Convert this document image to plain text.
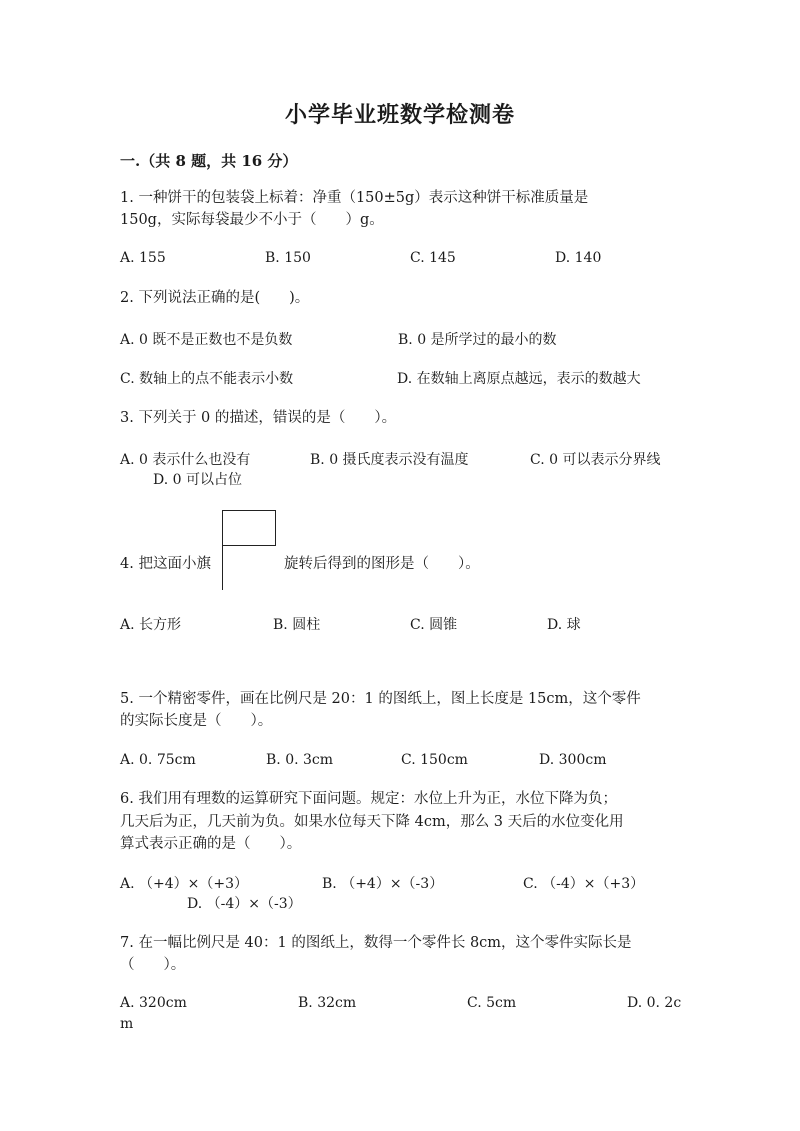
小学毕业班数学检测卷
一.（共 8 题，共 16 分）
1. 一种饼干的包装袋上标着：净重（150±5g）表示这种饼干标准质量是
150g，实际每袋最少不小于（　　）g。
A. 155	B. 150	C. 145	D. 140
2. 下列说法正确的是(　　)。
A. 0 既不是正数也不是负数	B. 0 是所学过的最小的数
C. 数轴上的点不能表示小数	D. 在数轴上离原点越远，表示的数越大
3. 下列关于 0 的描述，错误的是（　　）。
A. 0 表示什么也没有	B. 0 摄氏度表示没有温度	C. 0 可以表示分界线
D. 0 可以占位
4. 把这面小旗	旋转后得到的图形是（　　）。
A. 长方形	B. 圆柱	C. 圆锥	D. 球
5. 一个精密零件，画在比例尺是 20：1 的图纸上，图上长度是 15cm，这个零件
的实际长度是（　　）。
A. 0. 75cm	B. 0. 3cm	C. 150cm	D. 300cm
6. 我们用有理数的运算研究下面问题。规定：水位上升为正，水位下降为负；
几天后为正，几天前为负。如果水位每天下降 4cm，那么 3 天后的水位变化用
算式表示正确的是（　　）。
A. （+4）×（+3）	B. （+4）×（-3）	C. （-4）×（+3）
D. （-4）×（-3）
7. 在一幅比例尺是 40：1 的图纸上，数得一个零件长 8cm，这个零件实际长是
（　　）。
A. 320cm	B. 32cm	C. 5cm	D. 0. 2c
m
